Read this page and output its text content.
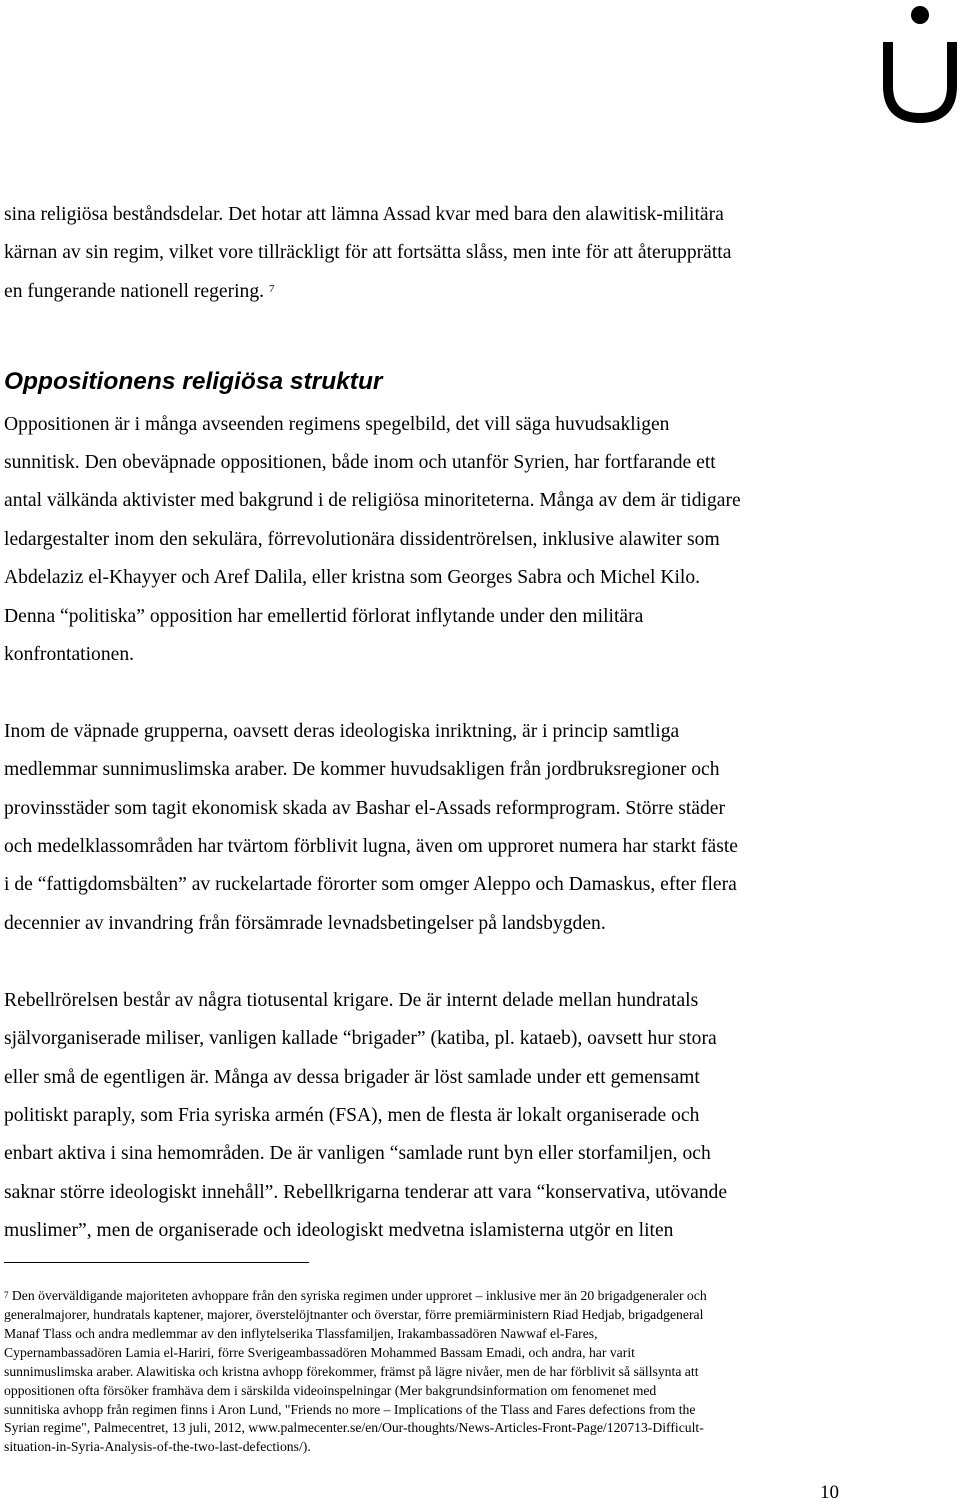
sina religiösa beståndsdelar. Det hotar att lämna Assad kvar med bara den alawitisk-militära
kärnan av sin regim, vilket vore tillräckligt för att fortsätta slåss, men inte för att återupprätta
en fungerande nationell regering. $^7$
Oppositionens religiösa struktur
Oppositionen är i många avseenden regimens spegelbild, det vill säga huvudsakligen
sunnitisk. Den obeväpnade oppositionen, både inom och utanför Syrien, har fortfarande ett
antal välkända aktivister med bakgrund i de religiösa minoriteterna. Många av dem är tidigare
ledargestalter inom den sekulära, förrevolutionära dissidentrörelsen, inklusive alawiter som
Abdelaziz el-Khayyer och Aref Dalila, eller kristna som Georges Sabra och Michel Kilo.
Denna “politiska” opposition har emellertid förlorat inflytande under den militära
konfrontationen.
Inom de väpnade grupperna, oavsett deras ideologiska inriktning, är i princip samtliga
medlemmar sunnimuslimska araber. De kommer huvudsakligen från jordbruksregioner och
provinsstäder som tagit ekonomisk skada av Bashar el-Assads reformprogram. Större städer
och medelklassområden har tvärtom förblivit lugna, även om upproret numera har starkt fäste
i de “fattigdomsbälten” av ruckelartade förorter som omger Aleppo och Damaskus, efter flera
decennier av invandring från försämrade levnadsbetingelser på landsbygden.
Rebellrörelsen består av några tiotusental krigare. De är internt delade mellan hundratals
självorganiserade miliser, vanligen kallade “brigader” (katiba, pl. kataeb), oavsett hur stora
eller små de egentligen är. Många av dessa brigader är löst samlade under ett gemensamt
politiskt paraply, som Fria syriska armén (FSA), men de flesta är lokalt organiserade och
enbart aktiva i sina hemområden. De är vanligen “samlade runt byn eller storfamiljen, och
saknar större ideologiskt innehåll”. Rebellkrigarna tenderar att vara “konservativa, utövande
muslimer”, men de organiserade och ideologiskt medvetna islamisterna utgör en liten
$^7$ Den överväldigande majoriteten avhoppare från den syriska regimen under upproret – inklusive mer än 20 brigadgeneraler och
generalmajorer, hundratals kaptener, majorer, överstelöjtnanter och överstar, förre premiärministern Riad Hedjab, brigadgeneral
Manaf Tlass och andra medlemmar av den inflytelserika Tlassfamiljen, Irakambassadören Nawwaf el-Fares,
Cypernambassadören Lamia el-Hariri, förre Sverigeambassadören Mohammed Bassam Emadi, och andra, har varit
sunnimuslimska araber. Alawitiska och kristna avhopp förekommer, främst på lägre nivåer, men de har förblivit så sällsynta att
oppositionen ofta försöker framhäva dem i särskilda videoinspelningar (Mer bakgrundsinformation om fenomenet med
sunnitiska avhopp från regimen finns i Aron Lund, "Friends no more – Implications of the Tlass and Fares defections from the
Syrian regime", Palmecentret, 13 juli, 2012, www.palmecenter.se/en/Our-thoughts/News-Articles-Front-Page/120713-Difficult-
situation-in-Syria-Analysis-of-the-two-last-defections/).
10
